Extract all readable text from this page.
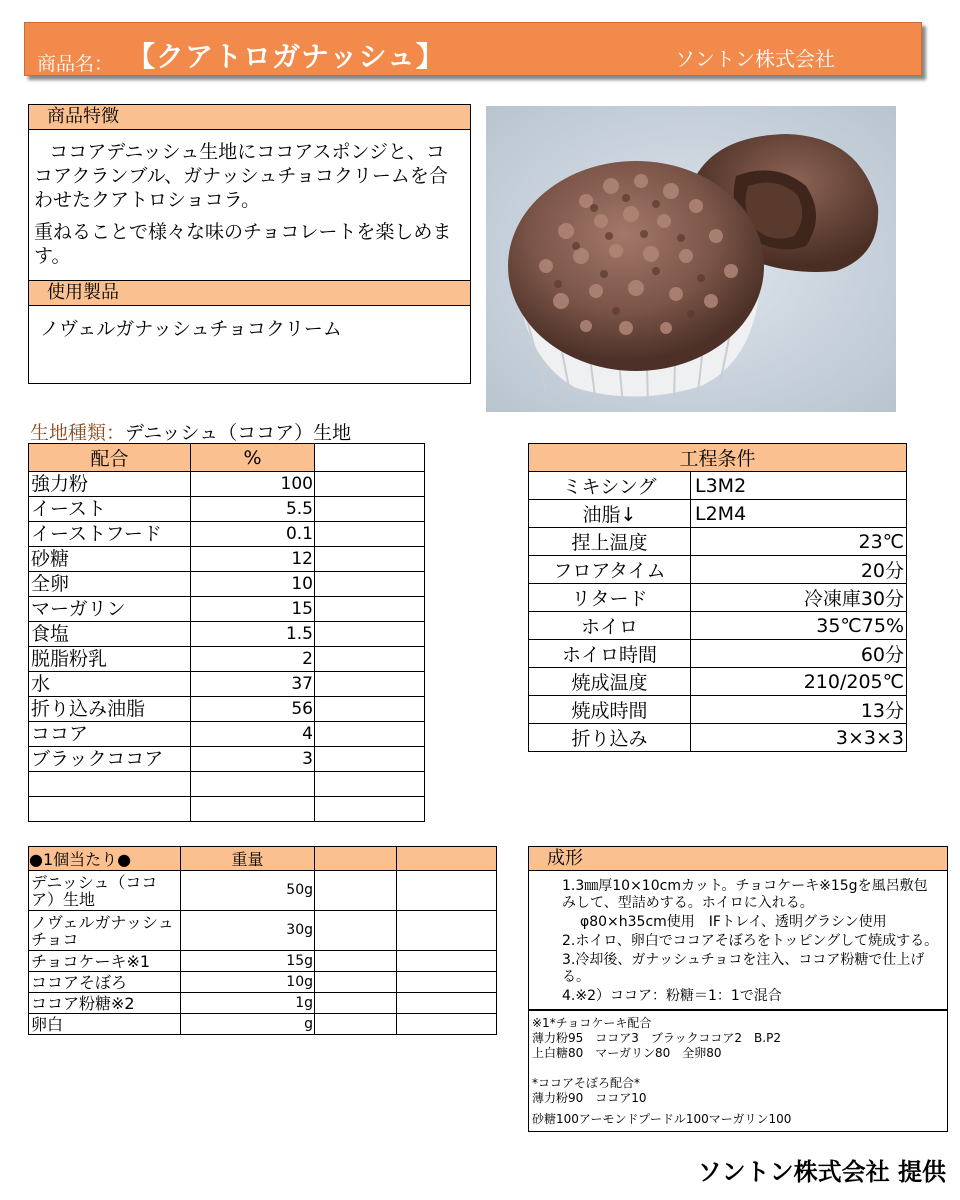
商品名： 【クアトロガナッシュ】	ソントン株式会社
商品特徴

ココアデニッシュ生地にココアスポンジと、ココアクランブル、ガナッシュチョコクリームを合わせたクアトロショコラ。

重ねることで様々な味のチョコレートを楽しめます。

使用製品
ノヴェルガナッシュチョコクリーム
生地種類：デニッシュ（ココア）生地
配合	%	
強力粉	100	
イースト	5.5	
イーストフード	0.1	
砂糖	12	
全卵	10	
マーガリン	15	
食塩	1.5	
脱脂粉乳	2	
水	37	
折り込み油脂	56	
ココア	4	
ブラックココア	3	

工程条件	
ミキシング	L3M2
油脂↓	L2M4
捏上温度	23℃
フロアタイム	20分
リタード	冷凍庫30分
ホイロ	35℃75%
ホイロ時間	60分
焼成温度	210/205℃
焼成時間	13分
折り込み	3×3×3
●1個当たり●	重量		
デニッシュ（ココア）生地	50g		
ノヴェルガナッシュチョコ	30g		
チョコケーキ※1	15g		
ココアそぼろ	10g		
ココア粉糖※2	1g		
卵白	g		
成形
1.3㎜厚10×10cmカット。チョコケーキ※15gを風呂敷包みして、型詰めする。ホイロに入れる。
φ80×h35cm使用　IFトレイ、透明グラシン使用
2.ホイロ、卵白でココアそぼろをトッピングして焼成する。
3.冷却後、ガナッシュチョコを注入、ココア粉糖で仕上げる。
4.※2）ココア：粉糖＝1：1で混合
※1*チョコケーキ配合
薄力粉95　ココア3　ブラックココア2　B.P2
上白糖80　マーガリン80　全卵80
*ココアそぼろ配合*
薄力粉90　ココア10
砂糖100アーモンドプードル100マーガリン100
ソントン株式会社 提供
